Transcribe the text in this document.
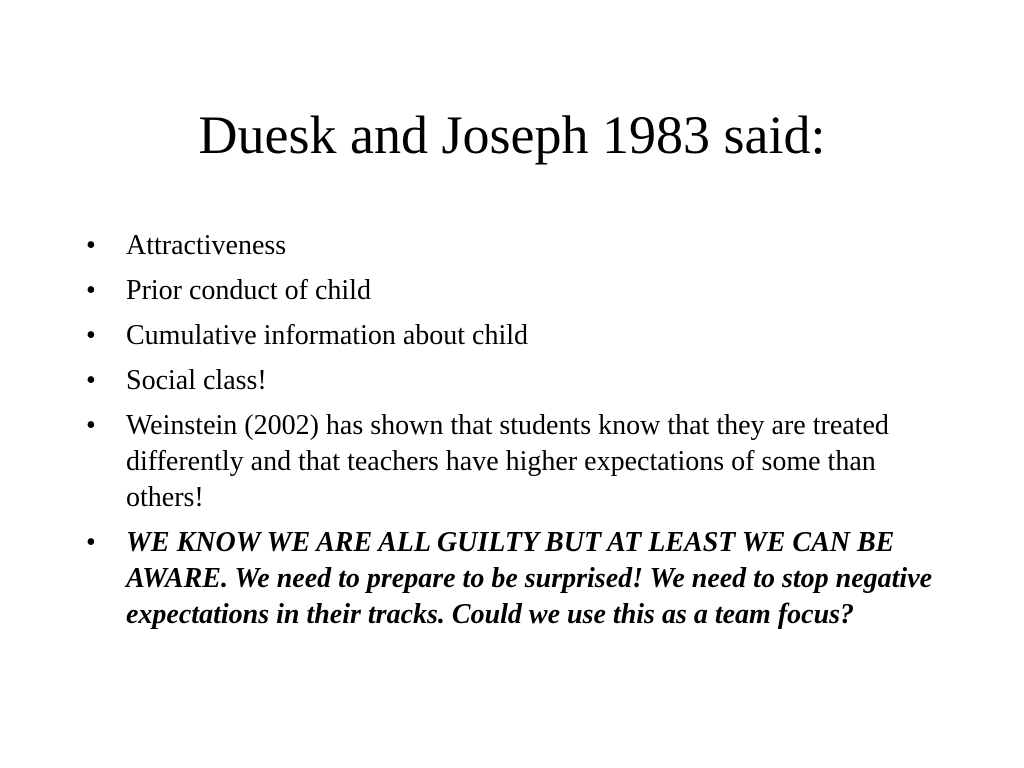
Duesk and Joseph 1983 said:
• Attractiveness
• Prior conduct of child
• Cumulative information about child
• Social class!
• Weinstein (2002) has shown that students know that they are treated differently and that teachers have higher expectations of some than others!
• WE KNOW WE ARE ALL GUILTY BUT AT LEAST WE CAN BE AWARE. We need to prepare to be surprised! We need to stop negative expectations in their tracks. Could we use this as a team focus?
